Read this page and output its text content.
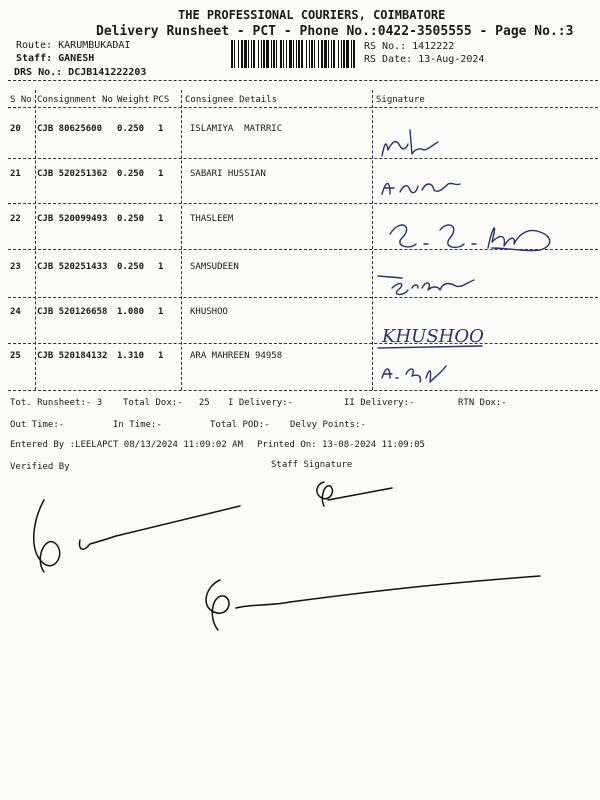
THE PROFESSIONAL COURIERS, COIMBATORE
Delivery Runsheet - PCT - Phone No.:0422-3505555 - Page No.:3
Route: KARUMBUKADAI
Staff: GANESH
DRS No.: DCJB141222203
RS No.: 1412222
RS Date: 13-Aug-2024
S No Consignment No Weight PCS Consignee Details	Signature
20 CJB 80625600 0.250 1	ISLAMIYA  MATRRIC
21 CJB 520251362 0.250 1	SABARI HUSSIAN
22 CJB 520099493 0.250 1	THASLEEM
23 CJB 520251433 0.250 1	SAMSUDEEN
24 CJB 520126658 1.080 1	KHUSHOO
25 CJB 520184132 1.310 1	ARA MAHREEN 94958
KHUSHOO
Tot. Runsheet:- 3 Total Dox:-   25 I Delivery:-	II Delivery:-	RTN Dox:-
Out Time:-	In Time:-	Total POD:- Delvy Points:-
Entered By :LEELAPCT 08/13/2024 11:09:02 AM Printed On: 13-08-2024 11:09:05
Verified By	Staff Signature
